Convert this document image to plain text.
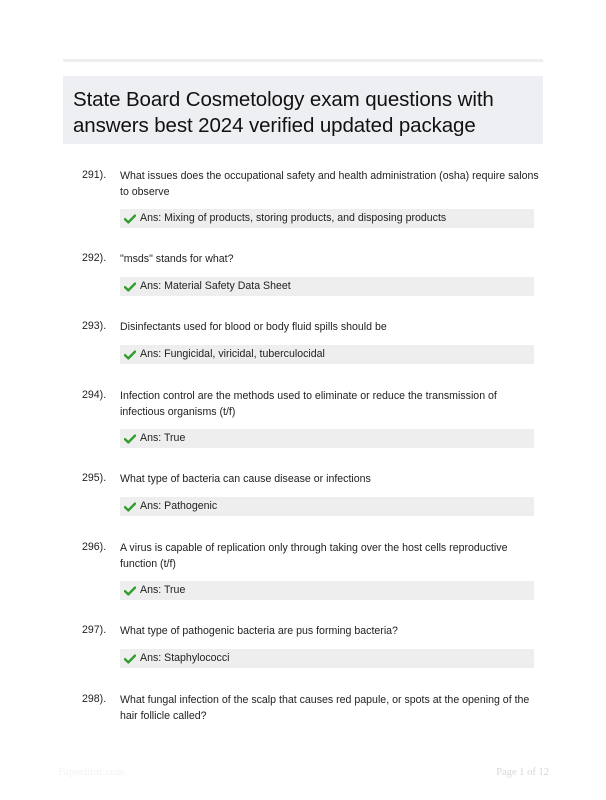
State Board Cosmetology exam questions with answers best 2024 verified updated package
291). What issues does the occupational safety and health administration (osha) require salons to observe
Ans: Mixing of products, storing products, and disposing products
292). "msds" stands for what?
Ans: Material Safety Data Sheet
293). Disinfectants used for blood or body fluid spills should be
Ans: Fungicidal, viricidal, tuberculocidal
294). Infection control are the methods used to eliminate or reduce the transmission of infectious organisms (t/f)
Ans: True
295). What type of bacteria can cause disease or infections
Ans: Pathogenic
296). A virus is capable of replication only through taking over the host cells reproductive function (t/f)
Ans: True
297). What type of pathogenic bacteria are pus forming bacteria?
Ans: Staphylococci
298). What fungal infection of the scalp that causes red papule, or spots at the opening of the hair follicle called?
Paperlibit.com	Page 1 of 12
